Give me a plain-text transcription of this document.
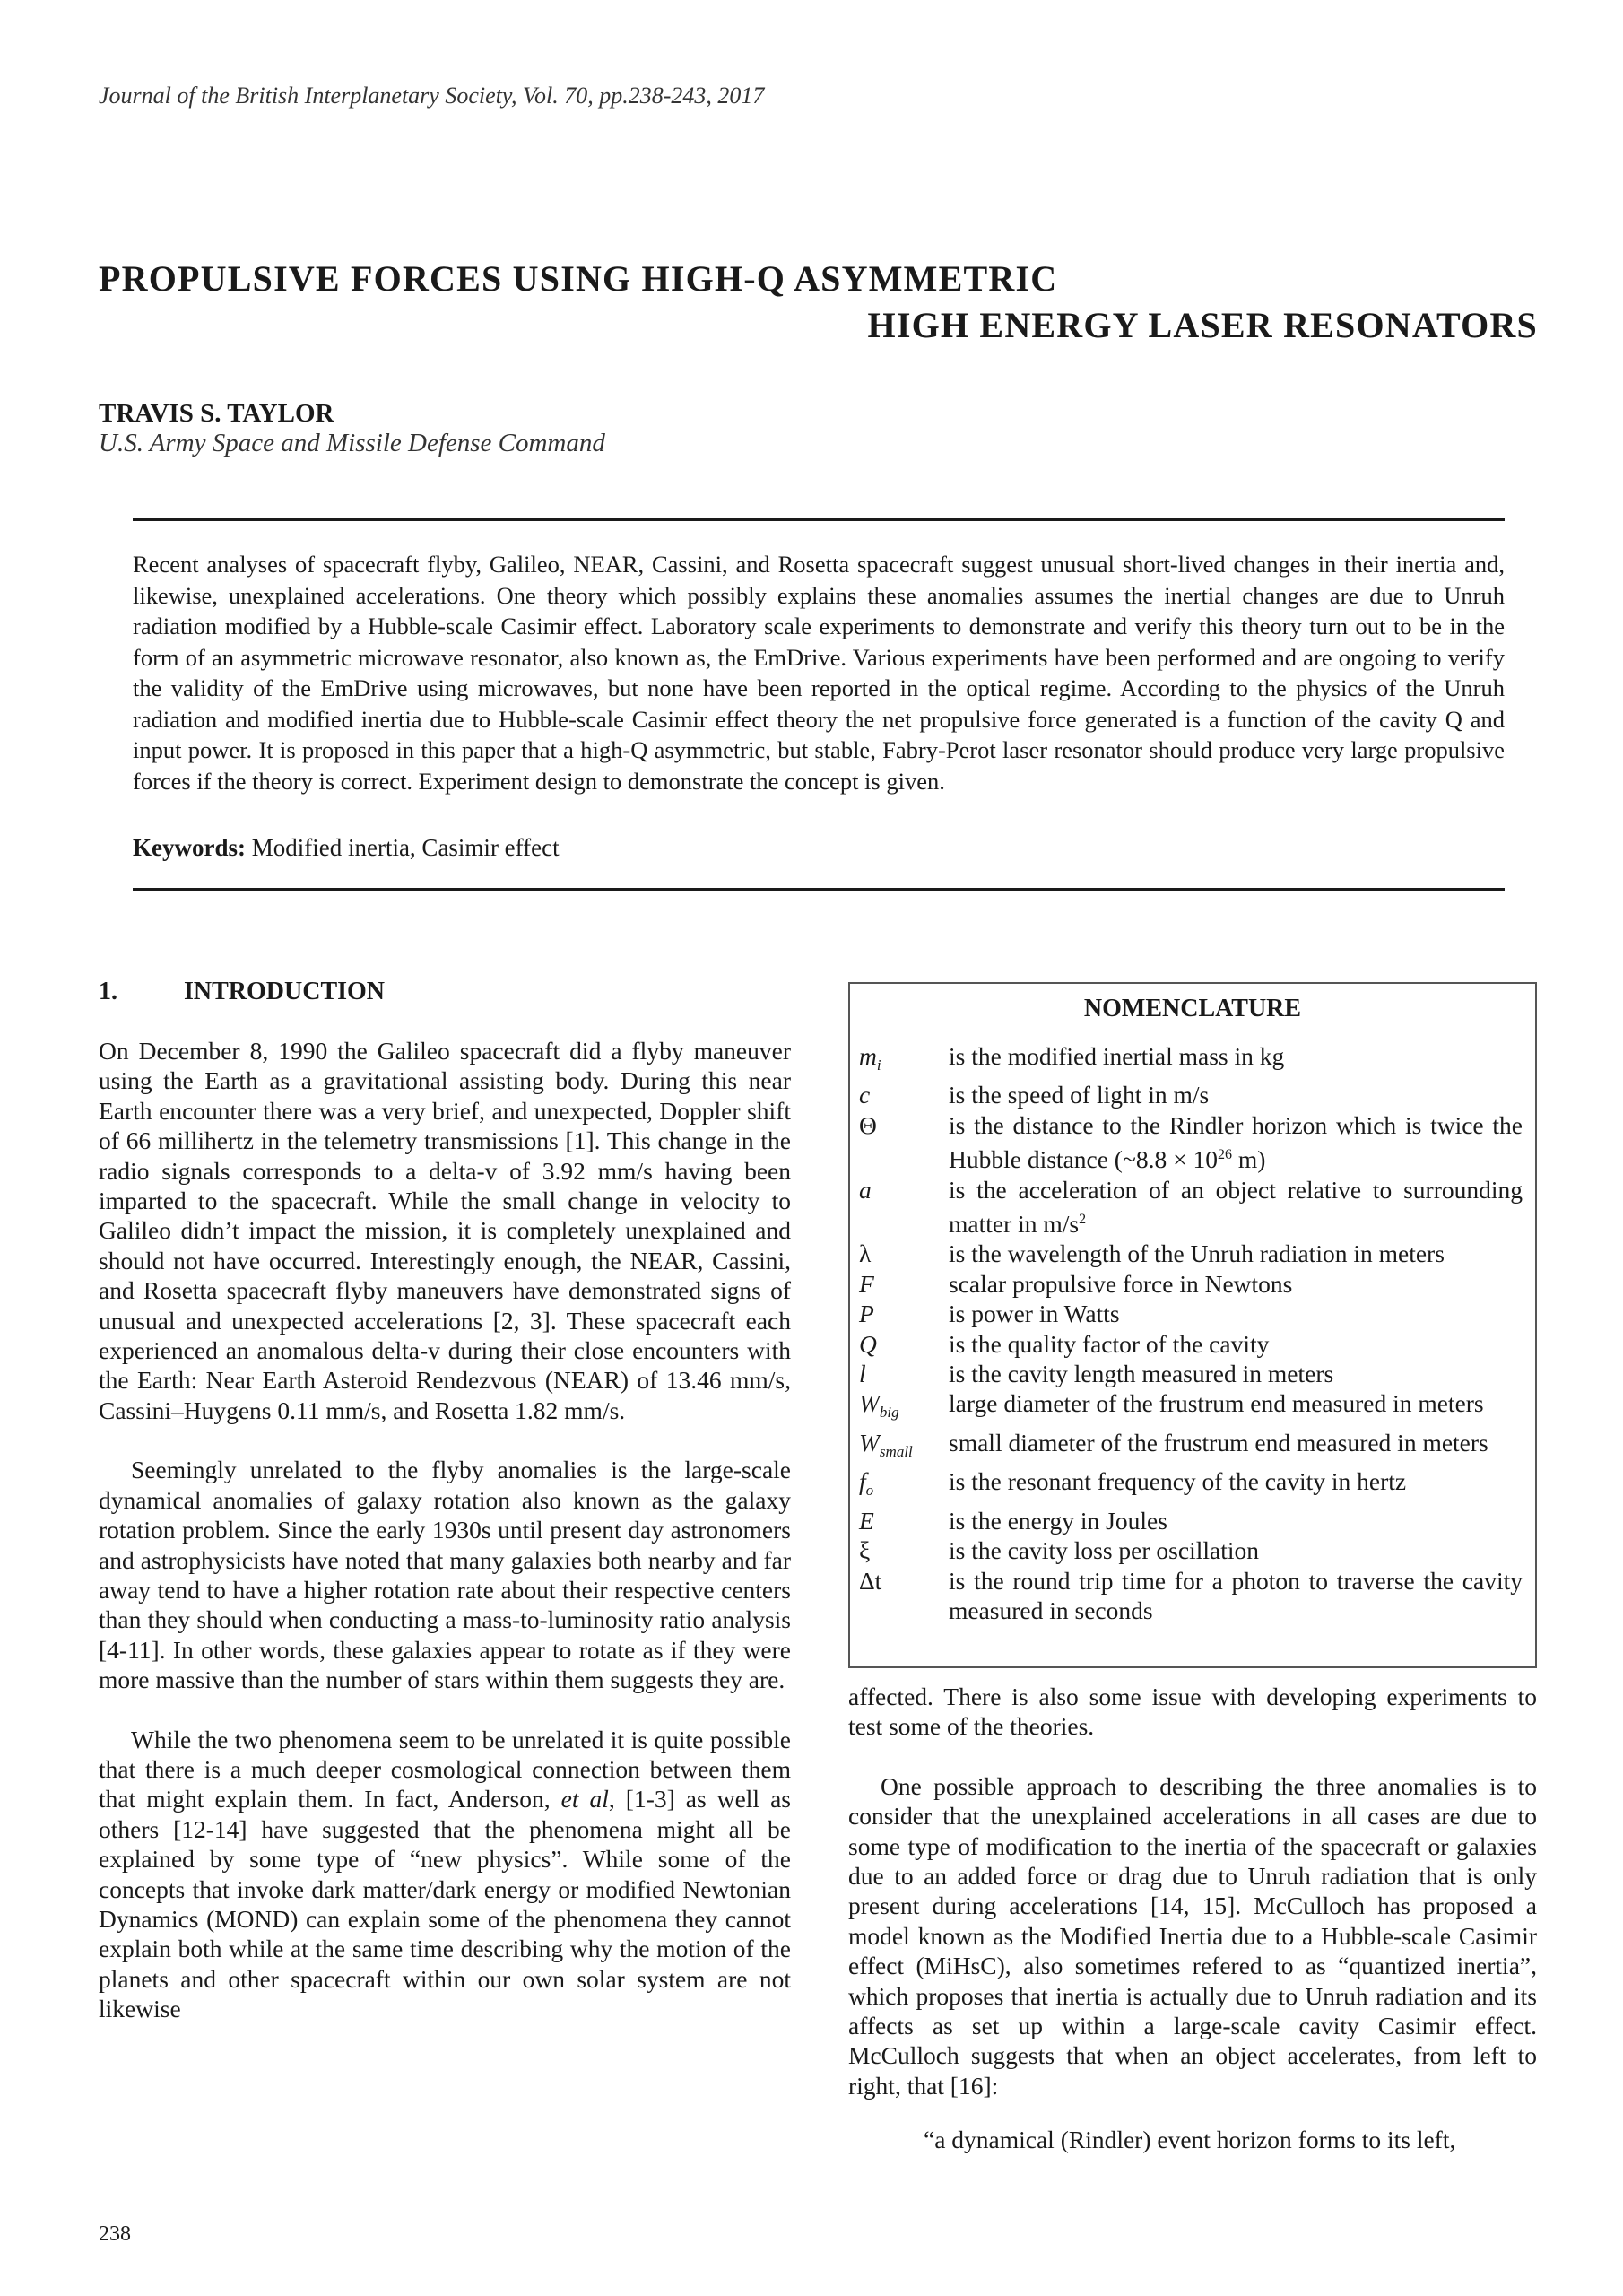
Journal of the British Interplanetary Society, Vol. 70, pp.238-243, 2017
PROPULSIVE FORCES USING HIGH-Q ASYMMETRIC
HIGH ENERGY LASER RESONATORS
TRAVIS S. TAYLOR
U.S. Army Space and Missile Defense Command

Recent analyses of spacecraft flyby, Galileo, NEAR, Cassini, and Rosetta spacecraft suggest unusual short-lived changes in their inertia and, likewise, unexplained accelerations. One theory which possibly explains these anomalies assumes the inertial changes are due to Unruh radiation modified by a Hubble-scale Casimir effect. Laboratory scale experiments to demonstrate and verify this theory turn out to be in the form of an asymmetric microwave resonator, also known as, the EmDrive. Various experiments have been performed and are ongoing to verify the validity of the EmDrive using microwaves, but none have been reported in the optical regime. According to the physics of the Unruh radiation and modified inertia due to Hubble-scale Casimir effect theory the net propulsive force generated is a function of the cavity Q and input power. It is proposed in this paper that a high-Q asymmetric, but stable, Fabry-Perot laser resonator should produce very large propulsive forces if the theory is correct. Experiment design to demonstrate the concept is given.

Keywords: Modified inertia, Casimir effect
1.	INTRODUCTION

On December 8, 1990 the Galileo spacecraft did a flyby maneuver using the Earth as a gravitational assisting body. During this near Earth encounter there was a very brief, and unexpected, Doppler shift of 66 millihertz in the telemetry transmissions [1]. This change in the radio signals corresponds to a delta-v of 3.92 mm/s having been imparted to the spacecraft. While the small change in velocity to Galileo didn’t impact the mission, it is completely unexplained and should not have occurred. Interestingly enough, the NEAR, Cassini, and Rosetta spacecraft flyby maneuvers have demonstrated signs of unusual and unexpected accelerations [2, 3]. These spacecraft each experienced an anomalous delta-v during their close encounters with the Earth: Near Earth Asteroid Rendezvous (NEAR) of 13.46 mm/s, Cassini–Huygens 0.11 mm/s, and Rosetta 1.82 mm/s.

Seemingly unrelated to the flyby anomalies is the large-scale dynamical anomalies of galaxy rotation also known as the galaxy rotation problem. Since the early 1930s until present day astronomers and astrophysicists have noted that many galaxies both nearby and far away tend to have a higher rotation rate about their respective centers than they should when conducting a mass-to-luminosity ratio analysis [4-11]. In other words, these galaxies appear to rotate as if they were more massive than the number of stars within them suggests they are.

While the two phenomena seem to be unrelated it is quite possible that there is a much deeper cosmological connection between them that might explain them. In fact, Anderson, et al, [1-3] as well as others [12-14] have suggested that the phenomena might all be explained by some type of “new physics”. While some of the concepts that invoke dark matter/dark energy or modified Newtonian Dynamics (MOND) can explain some of the phenomena they cannot explain both while at the same time describing why the motion of the planets and other spacecraft within our own solar system are not likewise

NOMENCLATURE
$m_i$	is the modified inertial mass in kg
c	is the speed of light in m/s
Θ	is the distance to the Rindler horizon which is twice the Hubble distance (~8.8 × $10^{26}$ m)
a	is the acceleration of an object relative to surrounding matter in $m/s^2$
λ	is the wavelength of the Unruh radiation in meters
F	scalar propulsive force in Newtons
P	is power in Watts
Q	is the quality factor of the cavity
l	is the cavity length measured in meters
$W_{big}$	large diameter of the frustrum end measured in meters
$W_{small}$	small diameter of the frustrum end measured in meters
$f_o$	is the resonant frequency of the cavity in hertz
E	is the energy in Joules
ξ	is the cavity loss per oscillation
Δt	is the round trip time for a photon to traverse the cavity measured in seconds

affected. There is also some issue with developing experiments to test some of the theories.

One possible approach to describing the three anomalies is to consider that the unexplained accelerations in all cases are due to some type of modification to the inertia of the spacecraft or galaxies due to an added force or drag due to Unruh radiation that is only present during accelerations [14, 15]. McCulloch has proposed a model known as the Modified Inertia due to a Hubble-scale Casimir effect (MiHsC), also sometimes refered to as “quantized inertia”, which proposes that inertia is actually due to Unruh radiation and its affects as set up within a large-scale cavity Casimir effect. McCulloch suggests that when an object accelerates, from left to right, that [16]:

“a dynamical (Rindler) event horizon forms to its left,
238
